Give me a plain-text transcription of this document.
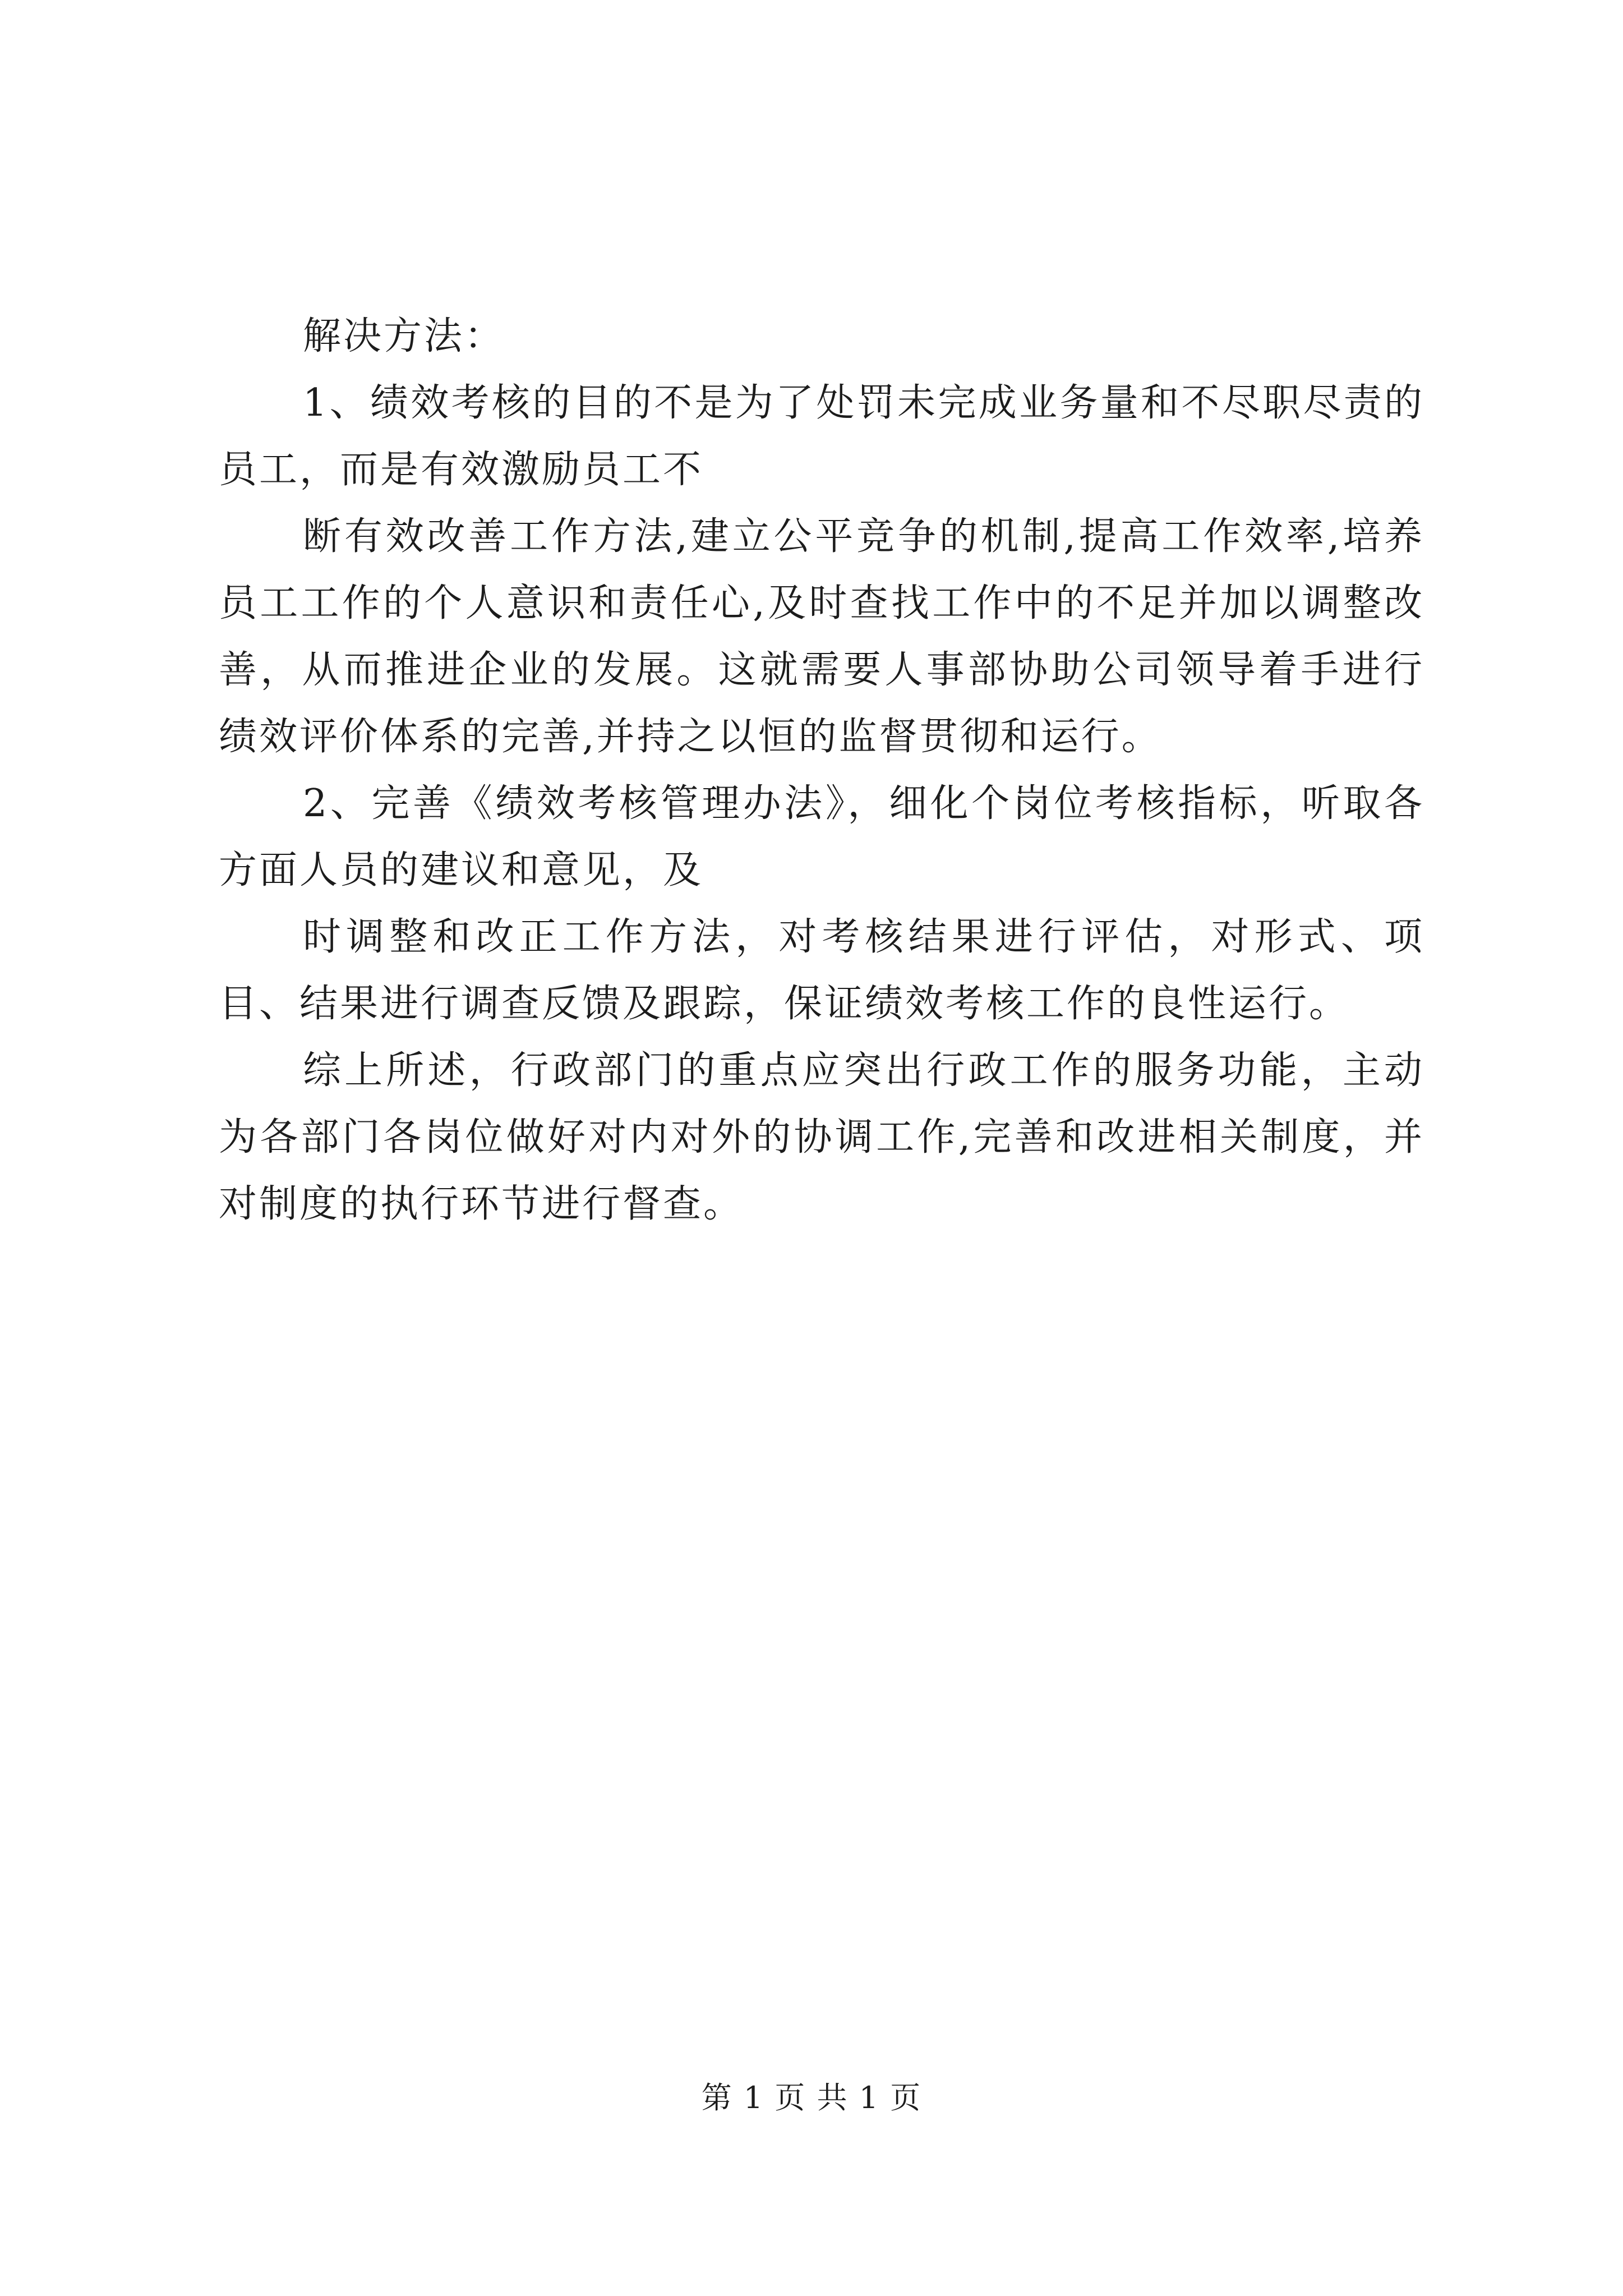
解决方法：

1、绩效考核的目的不是为了处罚未完成业务量和不尽职尽责的员工，而是有效激励员工不

断有效改善工作方法,建立公平竞争的机制,提高工作效率,培养员工工作的个人意识和责任心,及时查找工作中的不足并加以调整改善，从而推进企业的发展。这就需要人事部协助公司领导着手进行绩效评价体系的完善,并持之以恒的监督贯彻和运行。

2、完善《绩效考核管理办法》，细化个岗位考核指标，听取各方面人员的建议和意见，及

时调整和改正工作方法，对考核结果进行评估，对形式、项目、结果进行调查反馈及跟踪，保证绩效考核工作的良性运行。

综上所述，行政部门的重点应突出行政工作的服务功能，主动为各部门各岗位做好对内对外的协调工作,完善和改进相关制度，并对制度的执行环节进行督查。

第 1 页 共 1 页
